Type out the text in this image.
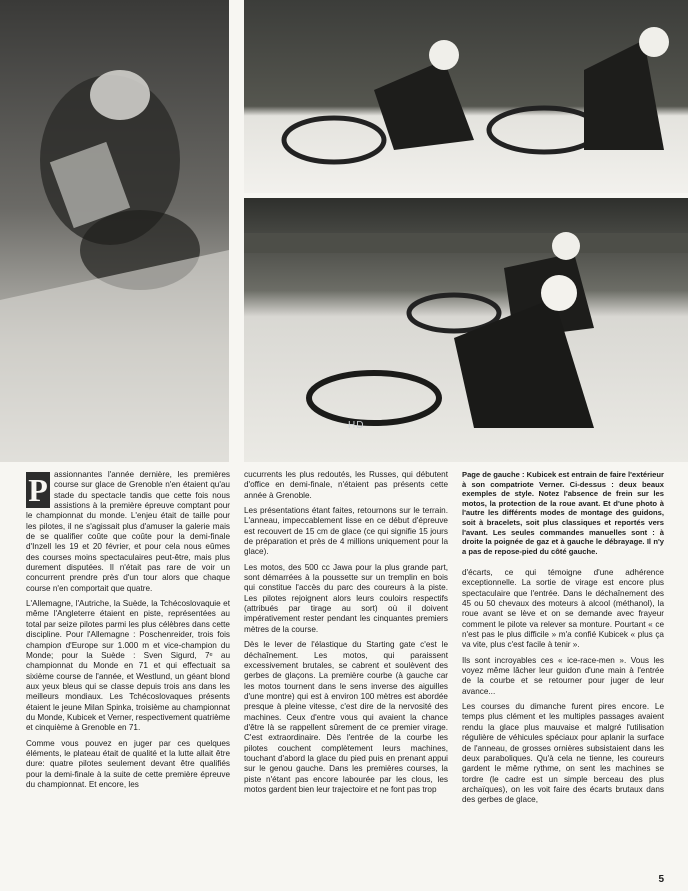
HD

P assionnantes l'année dernière, les premières course sur glace de Grenoble n'en étaient qu'au stade du spectacle tandis que cette fois nous assistions à la première épreuve comptant pour le championnat du monde. L'enjeu était de taille pour les pilotes, il ne s'agissait plus d'amuser la galerie mais de se qualifier coûte que coûte pour la demi-finale d'Inzell les 19 et 20 février, et pour cela nous eûmes des courses moins spectaculaires peut-être, mais plus durement disputées. Il n'était pas rare de voir un concurrent prendre près d'un tour alors que chaque course n'en comportait que quatre.

L'Allemagne, l'Autriche, la Suède, la Tchécoslovaquie et même l'Angleterre étaient en piste, représentées au total par seize pilotes parmi les plus célèbres dans cette discipline. Pour l'Allemagne : Poschenreider, trois fois champion d'Europe sur 1.000 m et vice-champion du Monde; pour la Suède : Sven Sigurd, 7ᵉ au championnat du Monde en 71 et qui effectuait sa sixième course de l'année, et Westlund, un géant blond aux yeux bleus qui se classe depuis trois ans dans les meilleurs mondiaux. Les Tchécoslovaques présents étaient le jeune Milan Spinka, troisième au championnat du Monde, Kubicek et Verner, respectivement quatrième et cinquième à Grenoble en 71.

Comme vous pouvez en juger par ces quelques éléments, le plateau était de qualité et la lutte allait être dure: quatre pilotes seulement devant être qualifiés pour la demi-finale à la suite de cette première épreuve du championnat. Et encore, les

cucurrents les plus redoutés, les Russes, qui débutent d'office en demi-finale, n'étaient pas présents cette année à Grenoble.

Les présentations étant faites, retournons sur le terrain. L'anneau, impeccablement lisse en ce début d'épreuve est recouvert de 15 cm de glace (ce qui signifie 15 jours de préparation et près de 4 millions uniquement pour la glace).

Les motos, des 500 cc Jawa pour la plus grande part, sont démarrées à la poussette sur un tremplin en bois qui constitue l'accès du parc des coureurs à la piste. Les pilotes rejoignent alors leurs couloirs respectifs (attribués par tirage au sort) où il doivent impérativement rester pendant les cinquantes premiers mètres de la course.

Dès le lever de l'élastique du Starting gate c'est le déchaînement. Les motos, qui paraissent excessivement brutales, se cabrent et soulèvent des gerbes de glaçons. La première courbe (à gauche car les motos tournent dans le sens inverse des aiguilles d'une montre) qui est à environ 100 mètres est abordée presque à pleine vitesse, c'est dire de la nervosité des machines. Ceux d'entre vous qui avaient la chance d'être là se rappellent sûrement de ce premier virage. C'est extraordinaire. Dès l'entrée de la courbe les pilotes couchent complètement leurs machines, touchant d'abord la glace du pied puis en prenant appui sur le genou gauche. Dans les premières courses, la piste n'étant pas encore labourée par les clous, les motos gardent bien leur trajectoire et ne font pas trop

Page de gauche : Kubicek est entrain de faire l'extérieur à son compatriote Verner. Ci-dessus : deux beaux exemples de style. Notez l'absence de frein sur les motos, la protection de la roue avant. Et d'une photo à l'autre les différents modes de montage des guidons, soit à bracelets, soit plus classiques et reportés vers l'avant. Les seules commandes manuelles sont : à droite la poignée de gaz et à gauche le débrayage. Il n'y a pas de repose-pied du côté gauche.

d'écarts, ce qui témoigne d'une adhérence exceptionnelle. La sortie de virage est encore plus spectaculaire que l'entrée. Dans le déchaînement des 45 ou 50 chevaux des moteurs à alcool (méthanol), la roue avant se lève et on se demande avec frayeur comment le pilote va relever sa monture. Pourtant « ce n'est pas le plus difficile » m'a confié Kubicek « plus ça va vite, plus c'est facile à tenir ».

Ils sont incroyables ces « ice-race-men ». Vous les voyez même lâcher leur guidon d'une main à l'entrée de la courbe et se retourner pour juger de leur avance...

Les courses du dimanche furent pires encore. Le temps plus clément et les multiples passages avaient rendu la glace plus mauvaise et malgré l'utilisation régulière de véhicules spéciaux pour aplanir la surface de l'anneau, de grosses ornières subsistaient dans les deux paraboliques. Qu'à cela ne tienne, les coureurs gardent le même rythme, on sent les machines se tordre (le cadre est un simple berceau des plus archaïques), on les voit faire des écarts brutaux dans des gerbes de glace,

5
